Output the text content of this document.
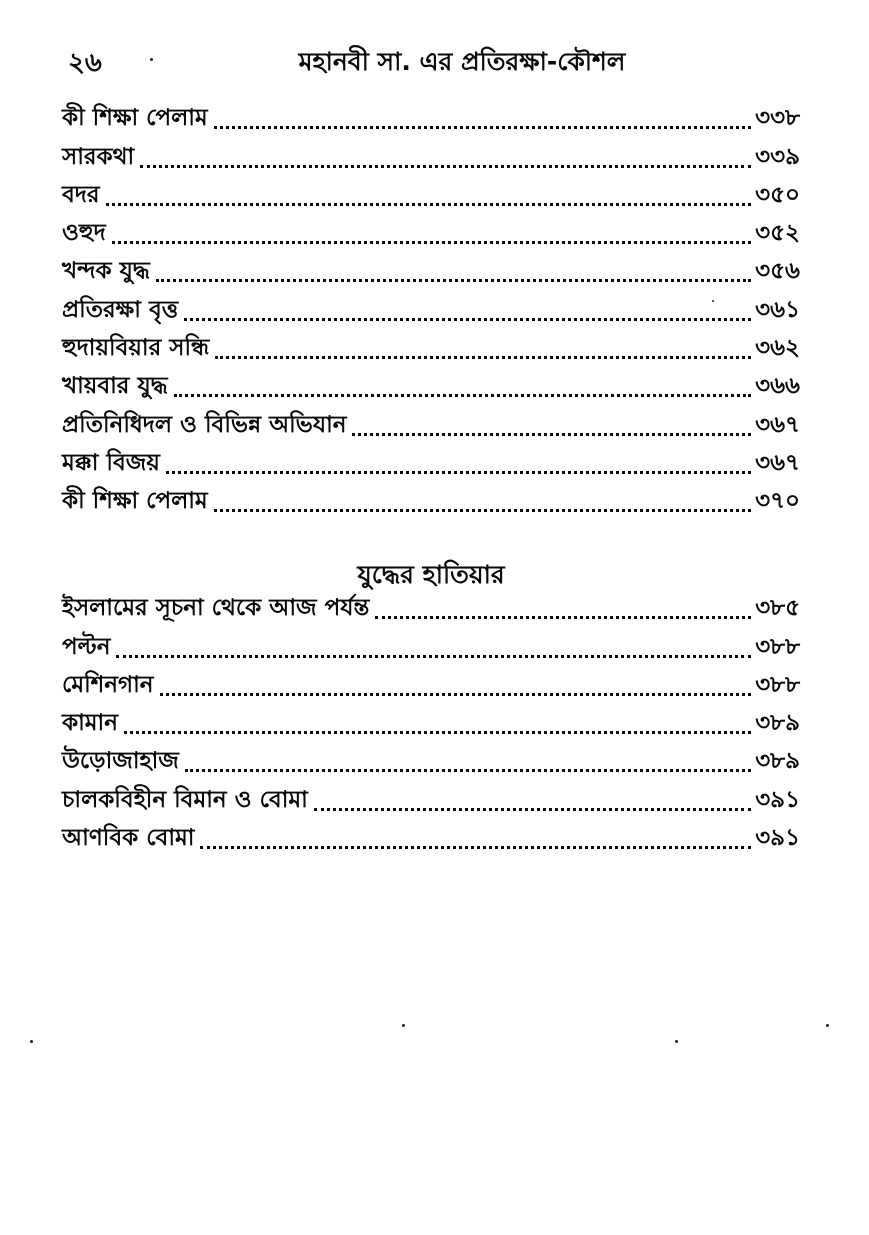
২৬	মহানবী সা. এর প্রতিরক্ষা-কৌশল
কী শিক্ষা পেলাম	৩৩৮
সারকথা	৩৩৯
বদর	৩৫০
ওহুদ	৩৫২
খন্দক যুদ্ধ	৩৫৬
প্রতিরক্ষা বৃত্ত	৩৬১
হুদায়বিয়ার সন্ধি	৩৬২
খায়বার যুদ্ধ	৩৬৬
প্রতিনিধিদল ও বিভিন্ন অভিযান	৩৬৭
মক্কা বিজয়	৩৬৭
কী শিক্ষা পেলাম	৩৭০
যুদ্ধের হাতিয়ার
ইসলামের সূচনা থেকে আজ পর্যন্ত	৩৮৫
পল্টন	৩৮৮
মেশিনগান	৩৮৮
কামান	৩৮৯
উড়োজাহাজ	৩৮৯
চালকবিহীন বিমান ও বোমা	৩৯১
আণবিক বোমা	৩৯১
